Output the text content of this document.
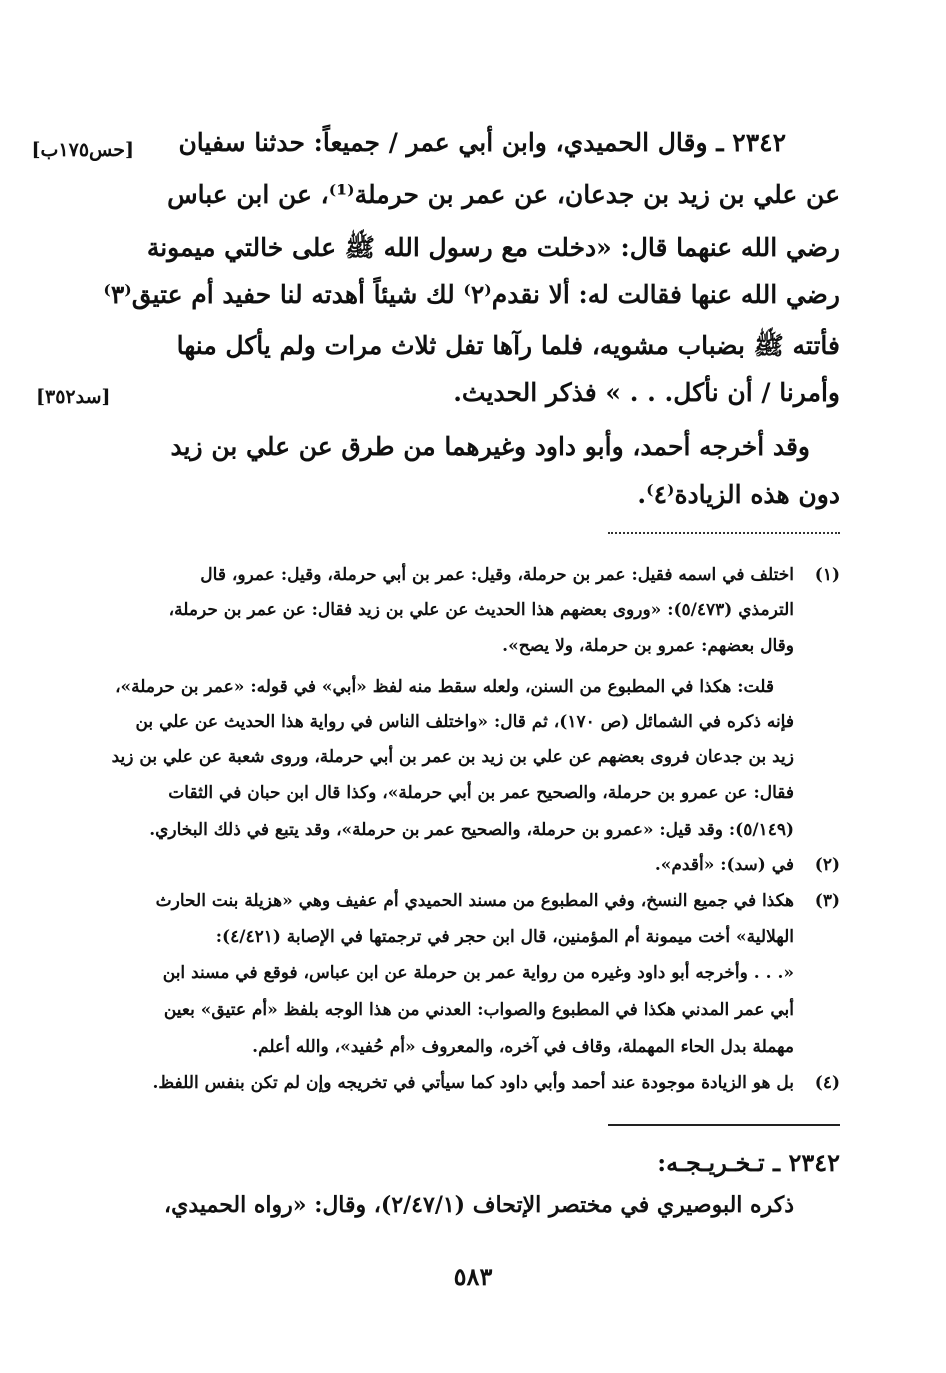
٢٣٤٢ ـ وقال الحميدي، وابن أبي عمر / جميعاً: حدثنا سفيان
[حس١٧٥ب]
عن علي بن زيد بن جدعان، عن عمر بن حرملة⁽¹⁾، عن ابن عباس
رضي الله عنهما قال: «دخلت مع رسول الله ﷺ على خالتي ميمونة
رضي الله عنها فقالت له: ألا نقدم⁽٢⁾ لك شيئاً أهدته لنا حفيد أم عتيق⁽٣⁾
فأتته ﷺ بضباب مشويه، فلما رآها تفل ثلاث مرات ولم يأكل منها
وأمرنا / أن نأكل. . . » فذكر الحديث.
[سد٣٥٢]
وقد أخرجه أحمد، وأبو داود وغيرهما من طرق عن علي بن زيد
دون هذه الزيادة⁽٤⁾.
(١)
اختلف في اسمه فقيل: عمر بن حرملة، وقيل: عمر بن أبي حرملة، وقيل: عمرو، قال
الترمذي (٥/٤٧٣): «وروى بعضهم هذا الحديث عن علي بن زيد فقال: عن عمر بن حرملة،
وقال بعضهم: عمرو بن حرملة، ولا يصح».
قلت: هكذا في المطبوع من السنن، ولعله سقط منه لفظ «أبي» في قوله: «عمر بن حرملة»،
فإنه ذكره في الشمائل (ص ١٧٠)، ثم قال: «واختلف الناس في رواية هذا الحديث عن علي بن
زيد بن جدعان فروى بعضهم عن علي بن زيد بن عمر بن أبي حرملة، وروى شعبة عن علي بن زيد
فقال: عن عمرو بن حرملة، والصحيح عمر بن أبي حرملة»، وكذا قال ابن حبان في الثقات
(٥/١٤٩): وقد قيل: «عمرو بن حرملة، والصحيح عمر بن حرملة»، وقد يتبع في ذلك البخاري.
(٢)
في (سد): «أقدم».
(٣)
هكذا في جميع النسخ، وفي المطبوع من مسند الحميدي أم عفيف وهي «هزيلة بنت الحارث
الهلالية» أخت ميمونة أم المؤمنين، قال ابن حجر في ترجمتها في الإصابة (٤/٤٢١):
«. . . وأخرجه أبو داود وغيره من رواية عمر بن حرملة عن ابن عباس، فوقع في مسند ابن
أبي عمر المدني هكذا في المطبوع والصواب: العدني من هذا الوجه بلفظ «أم عتيق» بعين
مهملة بدل الحاء المهملة، وقاف في آخره، والمعروف «أم حُفيد»، والله أعلم.
(٤)
بل هو الزيادة موجودة عند أحمد وأبي داود كما سيأتي في تخريجه وإن لم تكن بنفس اللفظ.
٢٣٤٢ ـ تـخـريـجـه:
ذكره البوصيري في مختصر الإتحاف (٢/٤٧/١)، وقال: «رواه الحميدي،
٥٨٣
